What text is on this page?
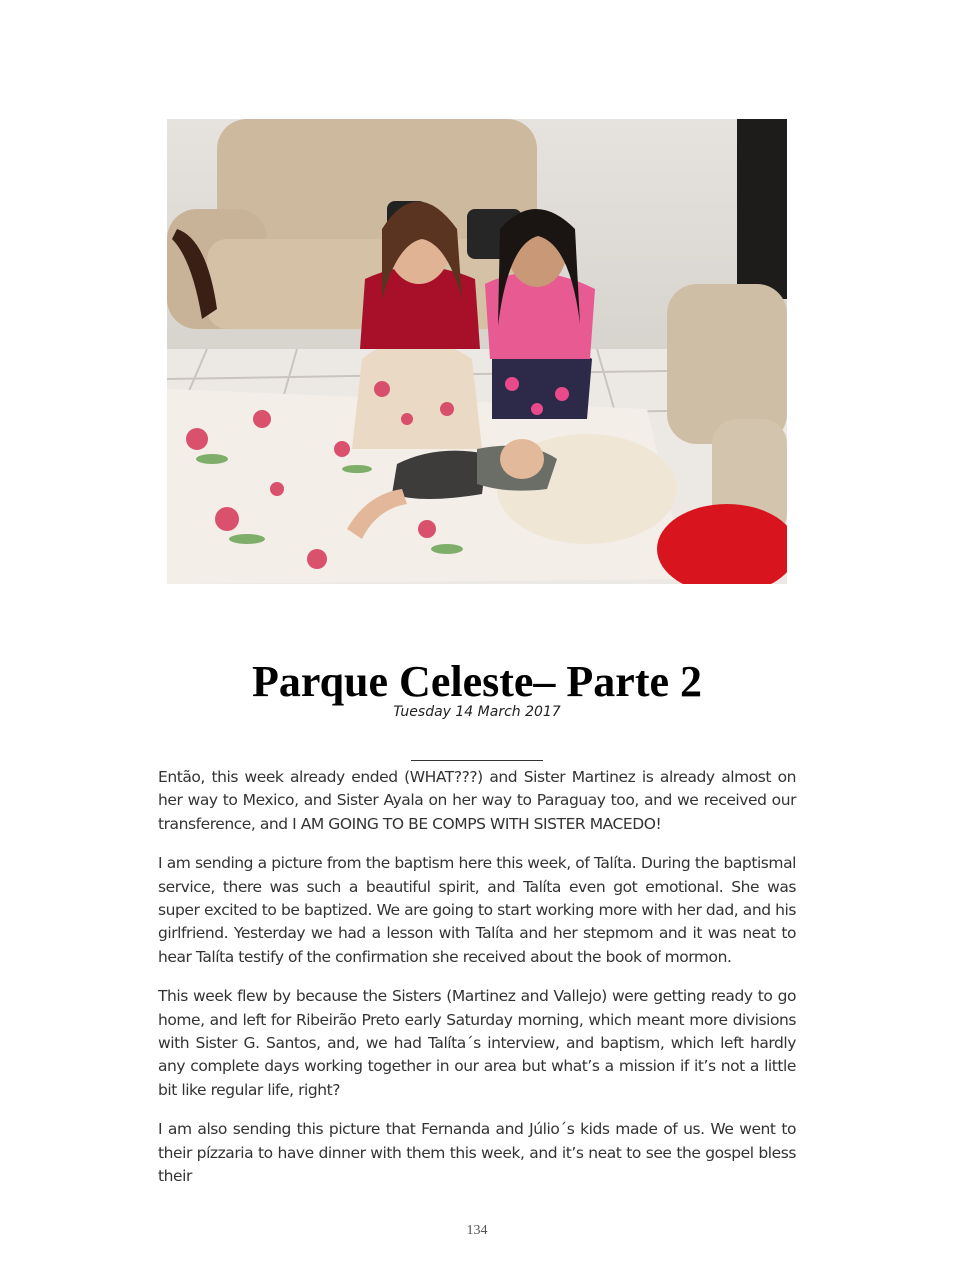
Parque Celeste– Parte 2
Tuesday 14 March 2017

Então, this week already ended (WHAT???) and Sister Martinez is already almost on her way to Mexico, and Sister Ayala on her way to Paraguay too, and we received our transference, and I AM GOING TO BE COMPS WITH SISTER MACEDO!

I am sending a picture from the baptism here this week, of Talíta. During the baptismal service, there was such a beautiful spirit, and Talíta even got emotional. She was super excited to be baptized. We are going to start working more with her dad, and his girlfriend. Yesterday we had a lesson with Talíta and her stepmom and it was neat to hear Talíta testify of the confirmation she received about the book of mormon.

This week flew by because the Sisters (Martinez and Vallejo) were getting ready to go home, and left for Ribeirão Preto early Saturday morning, which meant more divisions with Sister G. Santos, and, we had Talíta´s interview, and baptism, which left hardly any complete days working together in our area but what’s a mission if it’s not a little bit like regular life, right?

I am also sending this picture that Fernanda and Júlio´s kids made of us. We went to their pízzaria to have dinner with them this week, and it’s neat to see the gospel bless their

134
